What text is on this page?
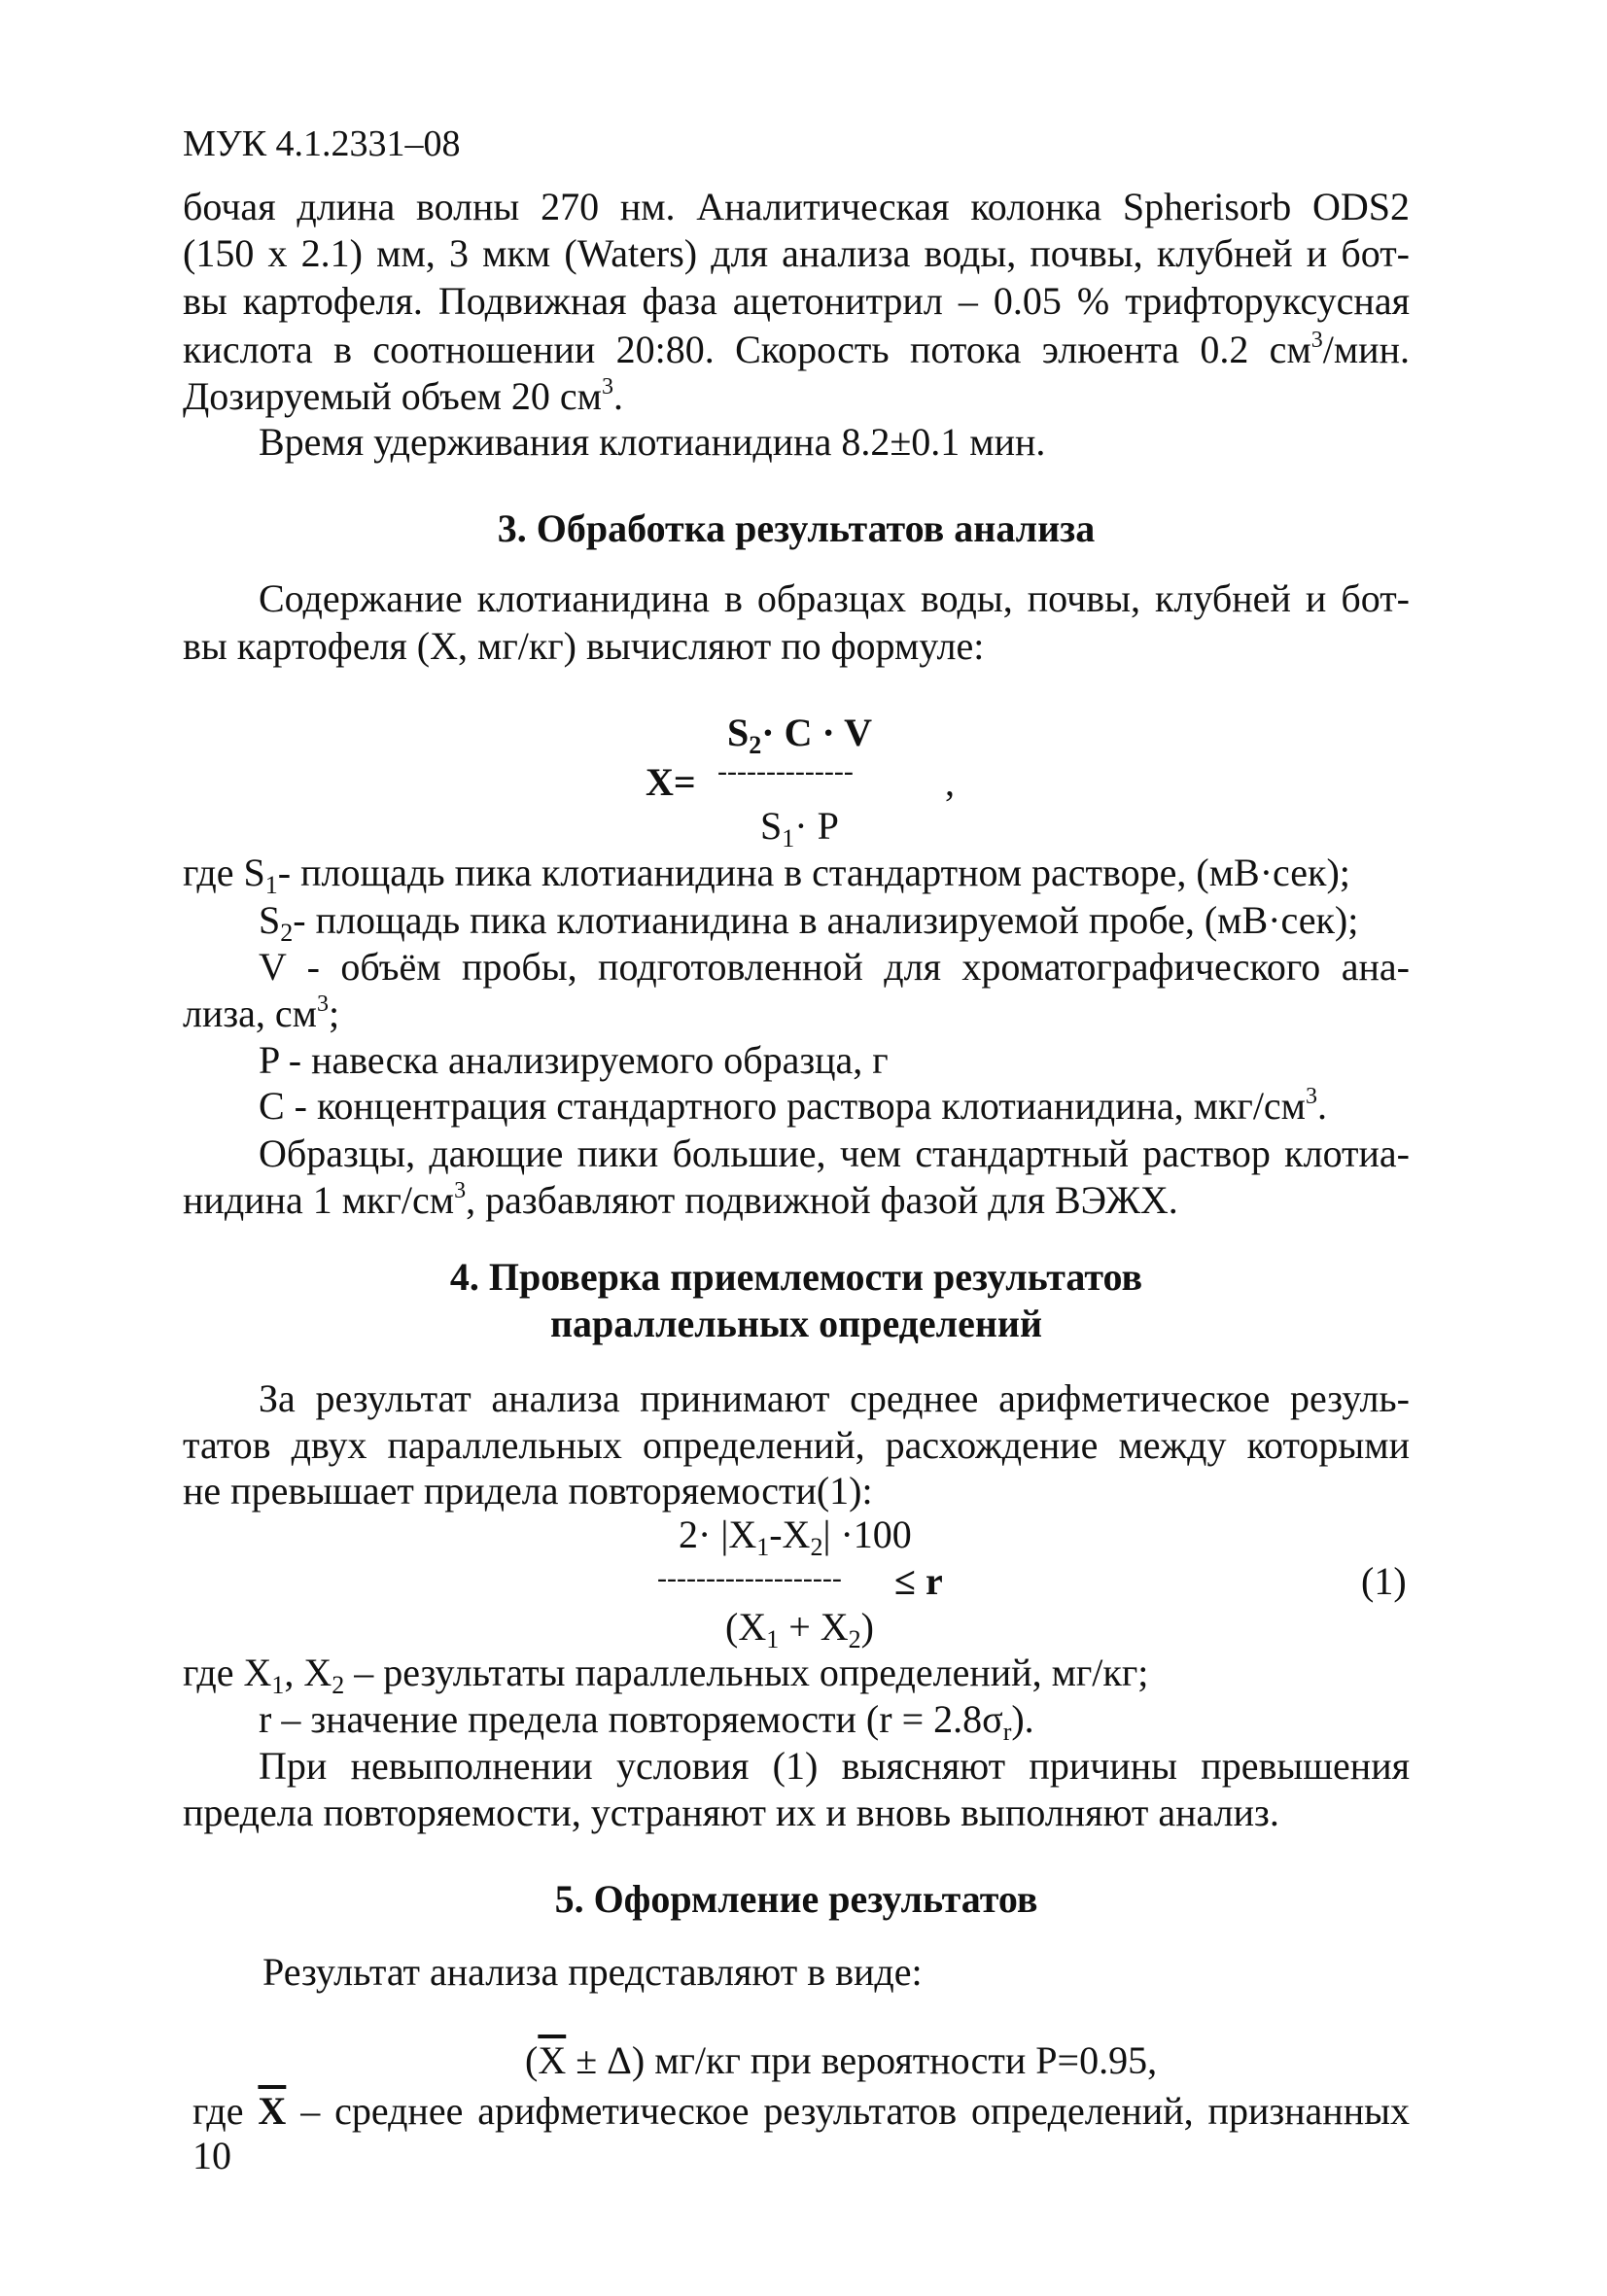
МУК 4.1.2331–08

бочая длина волны 270 нм. Аналитическая колонка Spherisorb ODS2

(150 x 2.1) мм, 3 мкм (Waters) для анализа воды, почвы, клубней и бот-

вы картофеля. Подвижная фаза ацетонитрил – 0.05 % трифторуксусная

кислота в соотношении 20:80. Скорость потока элюента 0.2 $см^3$/мин.

Дозируемый объем 20 $см^3$.

Время удерживания клотианидина 8.2±0.1 мин.

3. Обработка результатов анализа

Содержание клотианидина в образцах воды, почвы, клубней и бот-

вы картофеля (X, мг/кг) вычисляют по формуле:

$S_2\cdot C \cdot V$

X= -------------- ,

$S_1\cdot P$

где $S_1-$ площадь пика клотианидина в стандартном растворе, (мВ·сек);

$S_2-$ площадь пика клотианидина в анализируемой пробе, (мВ·сек);

V - объём пробы, подготовленной для хроматографического ана-

лиза, $см^3$;

P - навеска анализируемого образца, г

C - концентрация стандартного раствора клотианидина, мкг/$см^3$.

Образцы, дающие пики большие, чем стандартный раствор клотиа-

нидина 1 мкг/$см^3$, разбавляют подвижной фазой для ВЭЖХ.

4. Проверка приемлемости результатов

параллельных определений

За результат анализа принимают среднее арифметическое резуль-

татов двух параллельных определений, расхождение между которыми

не превышает придела повторяемости(1):

$2\cdot |X_1-X_2| \cdot 100$

------------------- ≤ r	(1)

$(X_1 + X_2)$

где $X_1$, $X_2$ – результаты параллельных определений, мг/кг;

r – значение предела повторяемости $(r = 2.8\sigma_r)$.

При невыполнении условия (1) выясняют причины превышения

предела повторяемости, устраняют их и вновь выполняют анализ.

5. Оформление результатов

Результат анализа представляют в виде:

$(\overline{X} \pm \Delta)$ мг/кг при вероятности P=0.95,

где $\overline{X}$ – среднее арифметическое результатов определений, признанных

10
